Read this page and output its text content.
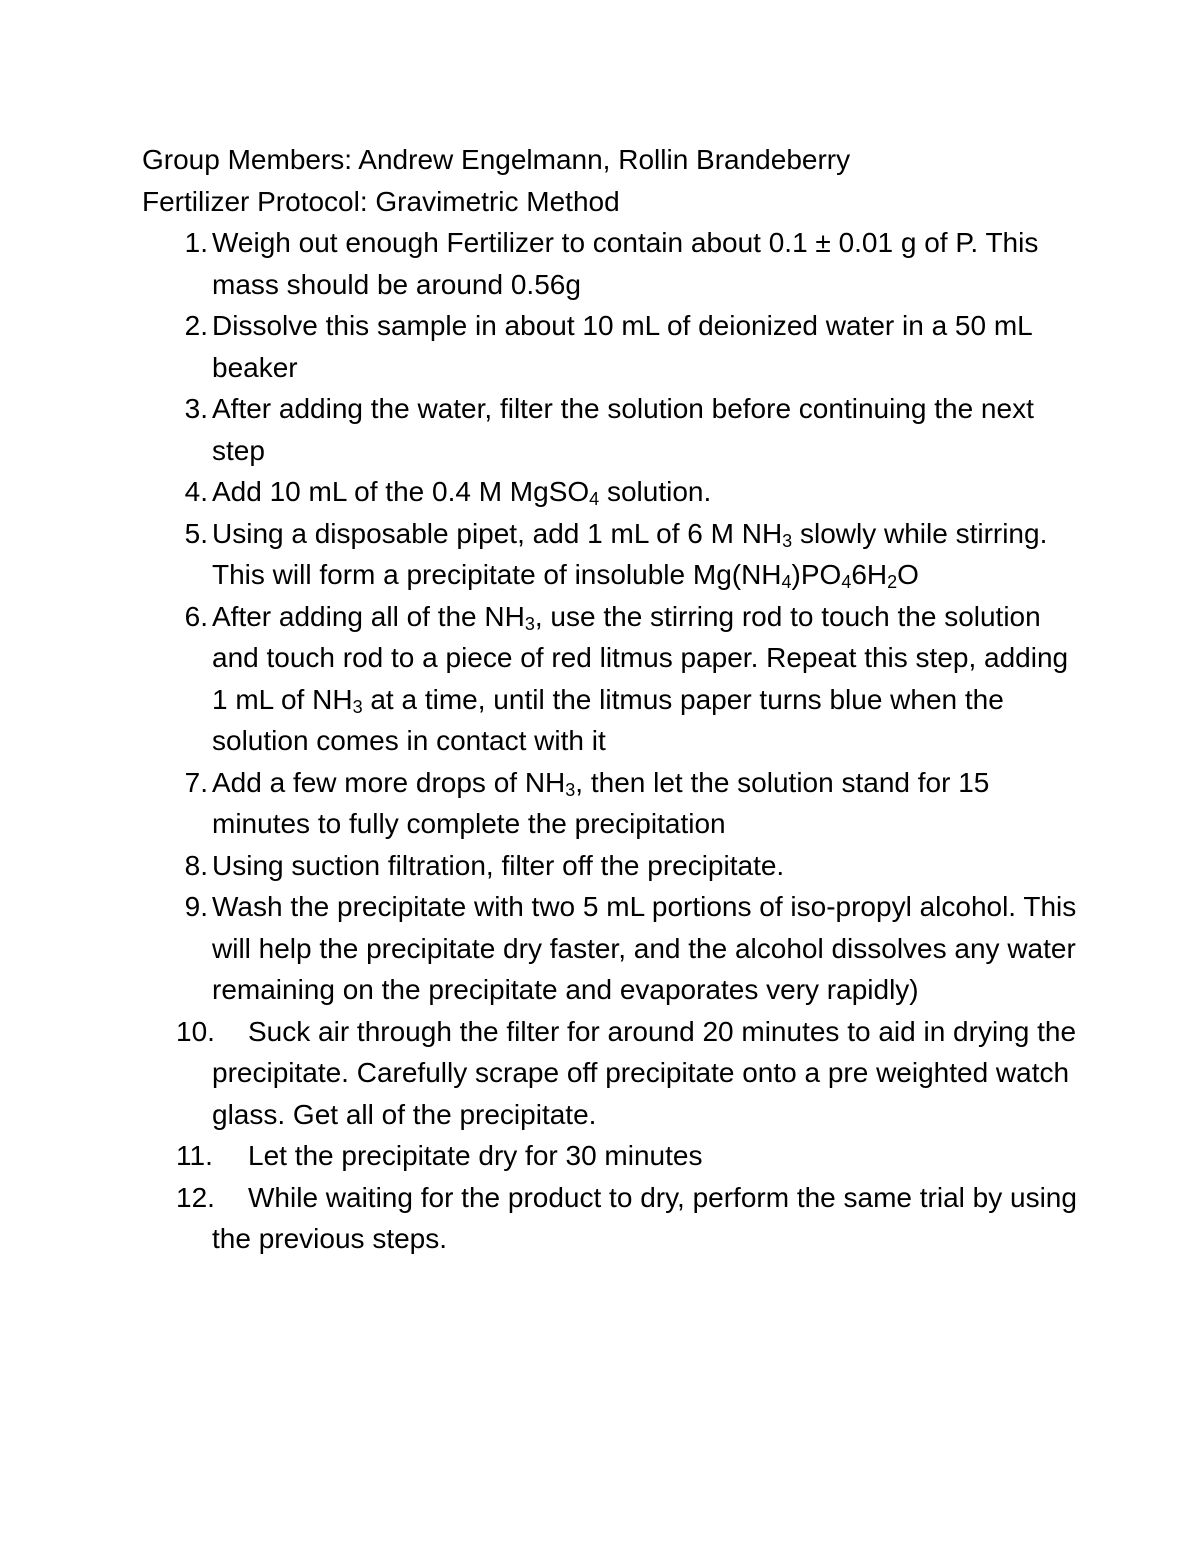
Group Members: Andrew Engelmann, Rollin Brandeberry
Fertilizer Protocol: Gravimetric Method
1. Weigh out enough Fertilizer to contain about 0.1 ± 0.01 g of P. This mass should be around 0.56g
2. Dissolve this sample in about 10 mL of deionized water in a 50 mL beaker
3. After adding the water, filter the solution before continuing the next step
4. Add 10 mL of the 0.4 M MgSO$_4$ solution.
5. Using a disposable pipet, add 1 mL of 6 M $NH_3$ slowly while stirring. This will form a precipitate of insoluble $Mg(NH_4)PO_46H_2O$
6. After adding all of the $NH_3$, use the stirring rod to touch the solution and touch rod to a piece of red litmus paper. Repeat this step, adding 1 mL of $NH_3$ at a time, until the litmus paper turns blue when the solution comes in contact with it
7. Add a few more drops of $NH_3$, then let the solution stand for 15 minutes to fully complete the precipitation
8. Using suction filtration, filter off the precipitate.
9. Wash the precipitate with two 5 mL portions of iso-propyl alcohol. This will help the precipitate dry faster, and the alcohol dissolves any water remaining on the precipitate and evaporates very rapidly)
10. Suck air through the filter for around 20 minutes to aid in drying the precipitate. Carefully scrape off precipitate onto a pre weighted watch glass. Get all of the precipitate.
11. Let the precipitate dry for 30 minutes
12. While waiting for the product to dry, perform the same trial by using the previous steps.
